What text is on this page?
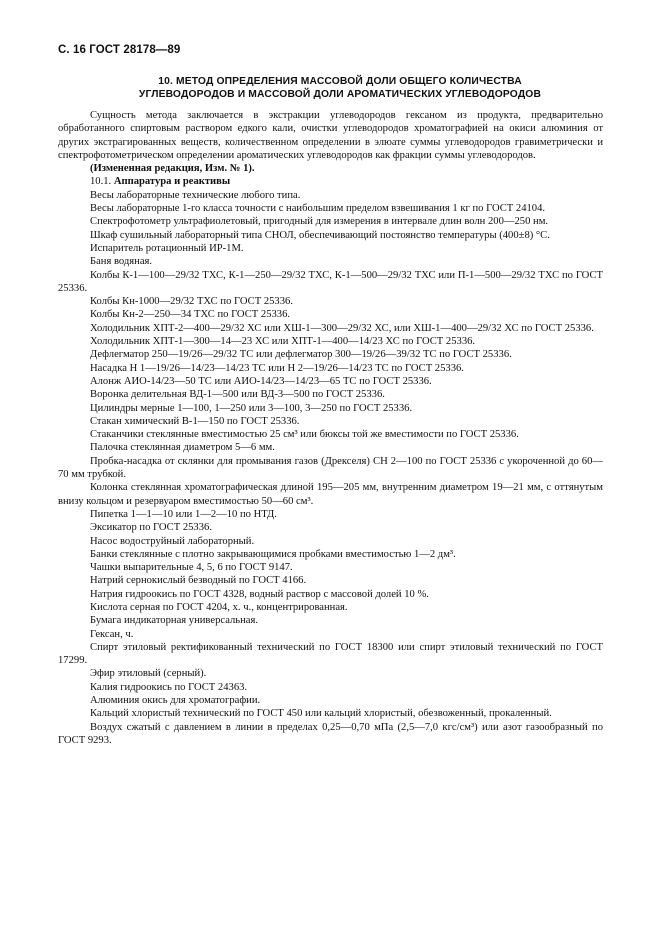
С. 16 ГОСТ 28178—89
10. МЕТОД ОПРЕДЕЛЕНИЯ МАССОВОЙ ДОЛИ ОБЩЕГО КОЛИЧЕСТВА
УГЛЕВОДОРОДОВ И МАССОВОЙ ДОЛИ АРОМАТИЧЕСКИХ УГЛЕВОДОРОДОВ

Сущность метода заключается в экстракции углеводородов гексаном из продукта, предварительно обработанного спиртовым раствором едкого кали, очистки углеводородов хроматографией на окиси алюминия от других экстрагированных веществ, количественном определении в элюате суммы углеводородов гравиметрически и спектрофотометрическом определении ароматических углеводородов как фракции суммы углеводородов.

(Измененная редакция, Изм. № 1).

10.1. Аппаратура и реактивы

Весы лабораторные технические любого типа.

Весы лабораторные 1-го класса точности с наибольшим пределом взвешивания 1 кг по ГОСТ 24104.

Спектрофотометр ультрафиолетовый, пригодный для измерения в интервале длин волн 200—250 нм.

Шкаф сушильный лабораторный типа СНОЛ, обеспечивающий постоянство температуры (400±8) °С.

Испаритель ротационный ИР-1М.

Баня водяная.

Колбы К-1—100—29/32 ТХС, К-1—250—29/32 ТХС, К-1—500—29/32 ТХС или П-1—500—29/32 ТХС по ГОСТ 25336.

Колбы Кн-1000—29/32 ТХС по ГОСТ 25336.

Колбы Кн-2—250—34 ТХС по ГОСТ 25336.

Холодильник ХПТ-2—400—29/32 ХС или ХШ-1—300—29/32 ХС, или ХШ-1—400—29/32 ХС по ГОСТ 25336.

Холодильник ХПТ-1—300—14—23 ХС или ХПТ-1—400—14/23 ХС по ГОСТ 25336.

Дефлегматор 250—19/26—29/32 ТС или дефлегматор 300—19/26—39/32 ТС по ГОСТ 25336.

Насадка Н 1—19/26—14/23—14/23 ТС или Н 2—19/26—14/23 ТС по ГОСТ 25336.

Алонж АИО-14/23—50 ТС или АИО-14/23—14/23—65 ТС по ГОСТ 25336.

Воронка делительная ВД-1—500 или ВД-3—500 по ГОСТ 25336.

Цилиндры мерные 1—100, 1—250 или 3—100, 3—250 по ГОСТ 25336.

Стакан химический В-1—150 по ГОСТ 25336.

Стаканчики стеклянные вместимостью 25 см³ или бюксы той же вместимости по ГОСТ 25336.

Палочка стеклянная диаметром 5—6 мм.

Пробка-насадка от склянки для промывания газов (Дрекселя) СН 2—100 по ГОСТ 25336 с укороченной до 60—70 мм трубкой.

Колонка стеклянная хроматографическая длиной 195—205 мм, внутренним диаметром 19—21 мм, с оттянутым внизу кольцом и резервуаром вместимостью 50—60 см³.

Пипетка 1—1—10 или 1—2—10 по НТД.

Эксикатор по ГОСТ 25336.

Насос водоструйный лабораторный.

Банки стеклянные с плотно закрывающимися пробками вместимостью 1—2 дм³.

Чашки выпарительные 4, 5, 6 по ГОСТ 9147.

Натрий сернокислый безводный по ГОСТ 4166.

Натрия гидроокись по ГОСТ 4328, водный раствор с массовой долей 10 %.

Кислота серная по ГОСТ 4204, х. ч., концентрированная.

Бумага индикаторная универсальная.

Гексан, ч.

Спирт этиловый ректификованный технический по ГОСТ 18300 или спирт этиловый технический по ГОСТ 17299.

Эфир этиловый (серный).

Калия гидроокись по ГОСТ 24363.

Алюминия окись для хроматографии.

Кальций хлористый технический по ГОСТ 450 или кальций хлористый, обезвоженный, прокаленный.

Воздух сжатый с давлением в линии в пределах 0,25—0,70 мПа (2,5—7,0 кгс/см³) или азот газообразный по ГОСТ 9293.
